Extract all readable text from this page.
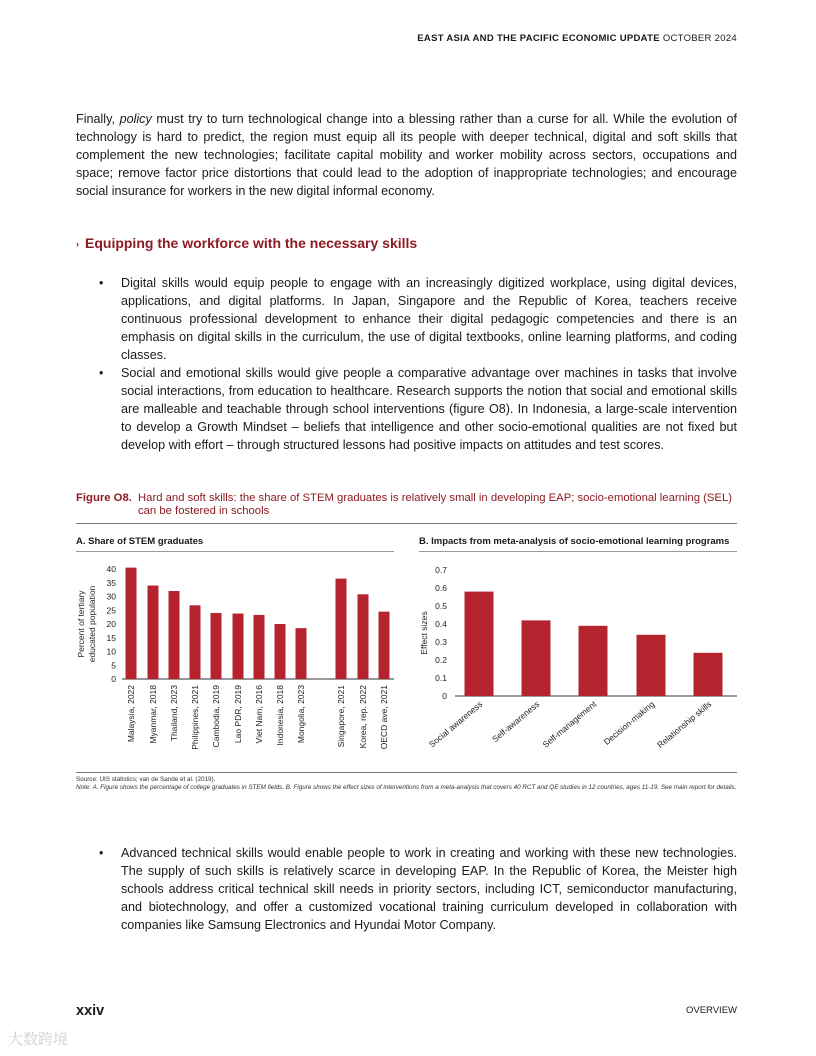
EAST ASIA AND THE PACIFIC ECONOMIC UPDATE OCTOBER 2024
Finally, policy must try to turn technological change into a blessing rather than a curse for all. While the evolution of technology is hard to predict, the region must equip all its people with deeper technical, digital and soft skills that complement the new technologies; facilitate capital mobility and worker mobility across sectors, occupations and space; remove factor price distortions that could lead to the adoption of inappropriate technologies; and encourage social insurance for workers in the new digital informal economy.
› Equipping the workforce with the necessary skills
• Digital skills would equip people to engage with an increasingly digitized workplace, using digital devices, applications, and digital platforms. In Japan, Singapore and the Republic of Korea, teachers receive continuous professional development to enhance their digital pedagogic competencies and there is an emphasis on digital skills in the curriculum, the use of digital textbooks, online learning platforms, and coding classes.
• Social and emotional skills would give people a comparative advantage over machines in tasks that involve social interactions, from education to healthcare. Research supports the notion that social and emotional skills are malleable and teachable through school interventions (figure O8). In Indonesia, a large-scale intervention to develop a Growth Mindset – beliefs that intelligence and other socio-emotional qualities are not fixed but develop with effort – through structured lessons had positive impacts on attitudes and test scores.
Figure O8. Hard and soft skills: the share of STEM graduates is relatively small in developing EAP; socio-emotional learning (SEL) can be fostered in schools
A. Share of STEM graduates	B. Impacts from meta-analysis of socio-emotional learning programs
0
5
10
15
20
25
30
35
40
Malaysia, 2022 Myanmar, 2018 Thailand, 2023 Philippines, 2021 Cambodia, 2019 Lao PDR, 2019 Viet Nam, 2016 Indonesia, 2018 Mongolia, 2023	Singapore, 2021 Korea, rep. 2022 OECD ave, 2021
Percent of tertiary educated population
0
0.1
0.2
0.3
0.4
0.5
0.6
0.7
Social awareness Self-awareness Self-management Decision-making
Relationship skills
Effect sizes
Source: UIS statistics; van de Sande et al. (2019).
Note: A. Figure shows the percentage of college graduates in STEM fields. B. Figure shows the effect sizes of interventions from a meta-analysis that covers 40 RCT and QE studies in 12 countries, ages 11-19. See main report for details.
• Advanced technical skills would enable people to work in creating and working with these new technologies. The supply of such skills is relatively scarce in developing EAP. In the Republic of Korea, the Meister high schools address critical technical skill needs in priority sectors, including ICT, semiconductor manufacturing, and biotechnology, and offer a customized vocational training curriculum developed in collaboration with companies like Samsung Electronics and Hyundai Motor Company.
xxiv	OVERVIEW
大数跨境
